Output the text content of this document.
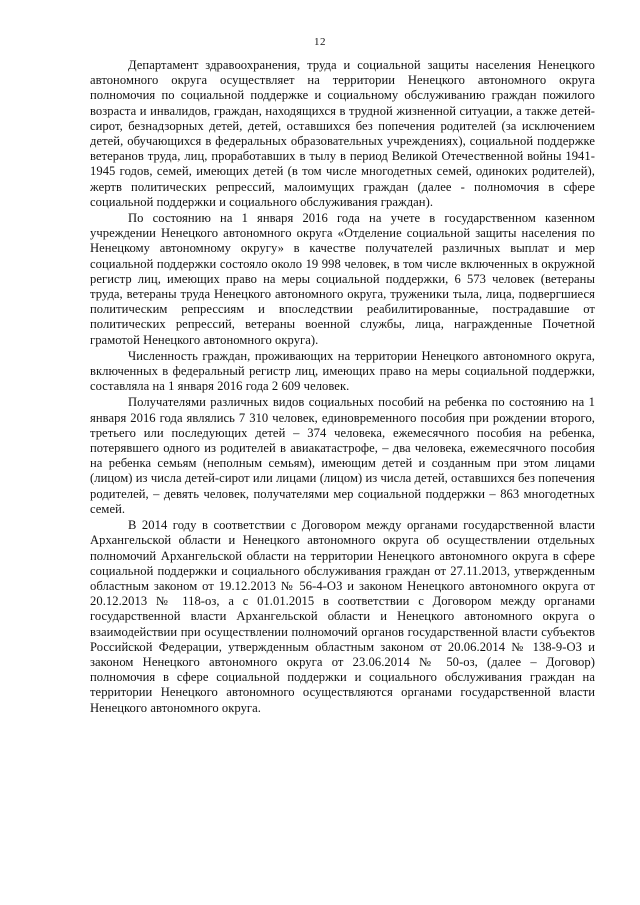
12

Департамент здравоохранения, труда и социальной защиты населения Ненецкого автономного округа осуществляет на территории Ненецкого автономного округа полномочия по социальной поддержке и социальному обслуживанию граждан пожилого возраста и инвалидов, граждан, находящихся в трудной жизненной ситуации, а также детей-сирот, безнадзорных детей, детей, оставшихся без попечения родителей (за исключением детей, обучающихся в федеральных образовательных учреждениях), социальной поддержке ветеранов труда, лиц, проработавших в тылу в период Великой Отечественной войны 1941-1945 годов, семей, имеющих детей (в том числе многодетных семей, одиноких родителей), жертв политических репрессий, малоимущих граждан (далее - полномочия в сфере социальной поддержки и социального обслуживания граждан).

По состоянию на 1 января 2016 года на учете в государственном казенном учреждении Ненецкого автономного округа «Отделение социальной защиты населения по Ненецкому автономному округу» в качестве получателей различных выплат и мер социальной поддержки состояло около 19 998 человек, в том числе включенных в окружной регистр лиц, имеющих право на меры социальной поддержки, 6 573 человек (ветераны труда, ветераны труда Ненецкого автономного округа, труженики тыла, лица, подвергшиеся политическим репрессиям и впоследствии реабилитированные, пострадавшие от политических репрессий, ветераны военной службы, лица, награжденные Почетной грамотой Ненецкого автономного округа).

Численность граждан, проживающих на территории Ненецкого автономного округа, включенных в федеральный регистр лиц, имеющих право на меры социальной поддержки, составляла на 1 января 2016 года 2 609 человек.

Получателями различных видов социальных пособий на ребенка по состоянию на 1 января 2016 года являлись 7 310 человек, единовременного пособия при рождении второго, третьего или последующих детей – 374 человека, ежемесячного пособия на ребенка, потерявшего одного из родителей в авиакатастрофе, – два человека, ежемесячного пособия на ребенка семьям (неполным семьям), имеющим детей и созданным при этом лицами (лицом) из числа детей-сирот или лицами (лицом) из числа детей, оставшихся без попечения родителей, – девять человек, получателями мер социальной поддержки – 863 многодетных семей.

В 2014 году в соответствии с Договором между органами государственной власти Архангельской области и Ненецкого автономного округа об осуществлении отдельных полномочий Архангельской области на территории Ненецкого автономного округа в сфере социальной поддержки и социального обслуживания граждан от 27.11.2013, утвержденным областным законом от 19.12.2013 № 56-4-ОЗ и законом Ненецкого автономного округа от 20.12.2013 № 118-оз, а с 01.01.2015 в соответствии с Договором между органами государственной власти Архангельской области и Ненецкого автономного округа о взаимодействии при осуществлении полномочий органов государственной власти субъектов Российской Федерации, утвержденным областным законом от 20.06.2014 № 138-9-ОЗ и законом Ненецкого автономного округа от 23.06.2014 № 50-оз, (далее – Договор) полномочия в сфере социальной поддержки и социального обслуживания граждан на территории Ненецкого автономного осуществляются органами государственной власти Ненецкого автономного округа.
